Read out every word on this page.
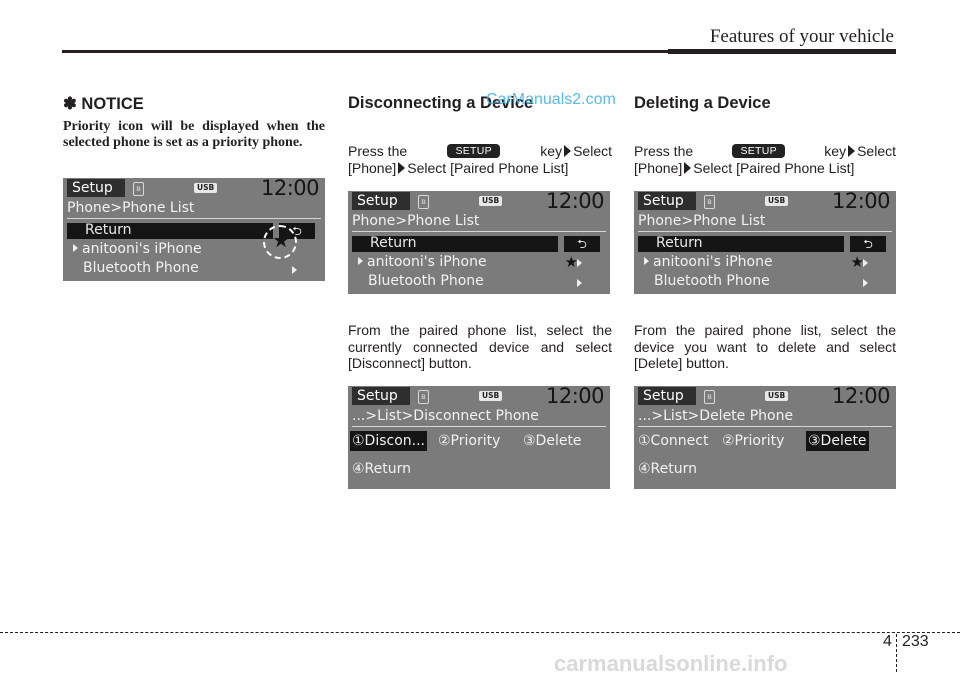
Features of your vehicle
✽ NOTICE

Priority icon will be displayed when the selected phone is set as a priority phone.

Setup	ʙ	USB 12:00
Phone>Phone List
Return	⮌
anitooni's iPhone
Bluetooth Phone
★
Disconnecting a Device
CarManuals2.com
Press the	SETUP	key Select
[Phone] Select [Paired Phone List]
Setup	ʙ	USB 12:00
Phone>Phone List
Return	⮌
anitooni's iPhone	★
Bluetooth Phone

From the paired phone list, select the currently connected device and select [Disconnect] button.

Setup	ʙ	USB 12:00
...>List>Disconnect Phone
①Discon... ②Priority ③Delete
④Return
Deleting a Device
Press the	SETUP	key Select
[Phone] Select [Paired Phone List]
Setup	ʙ	USB 12:00
Phone>Phone List
Return	⮌
anitooni's iPhone	★
Bluetooth Phone

From the paired phone list, select the device you want to delete and select [Delete] button.

Setup	ʙ	USB 12:00
...>List>Delete Phone
①Connect ②Priority ③Delete
④Return
4 233
carmanualsonline.info
